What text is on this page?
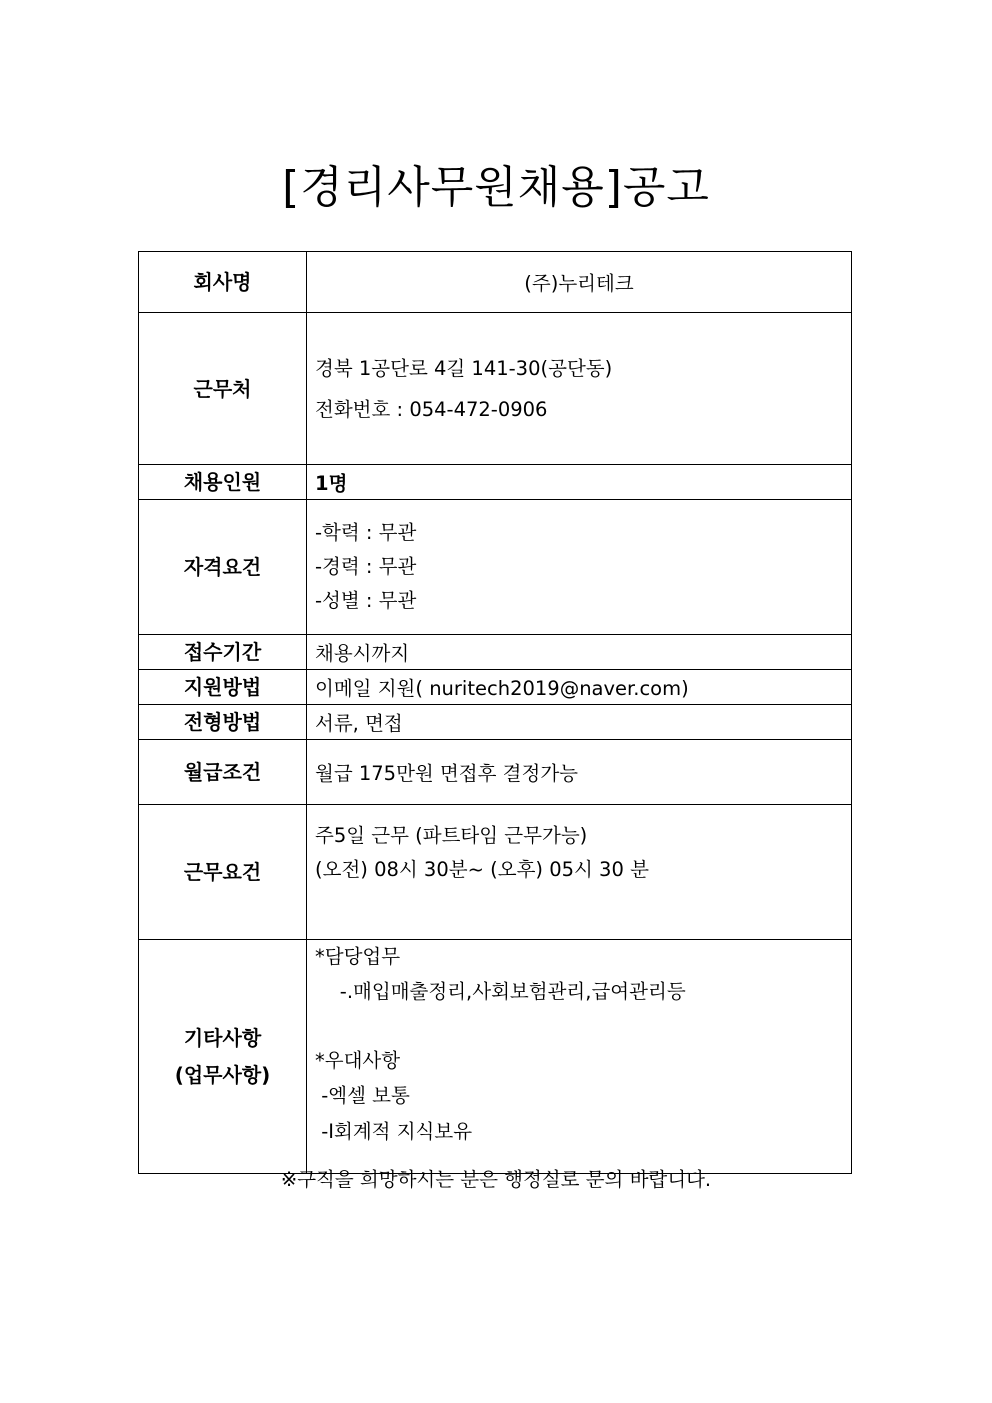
[경리사무원채용]공고
회사명	(주)누리테크
근무처	경북 1공단로 4길 141-30(공단동)
전화번호 : 054-472-0906

채용인원	1명
자격요건	-학력 : 무관
-경력 : 무관
-성별 : 무관

접수기간	채용시까지
지원방법	이메일 지원( nuritech2019@naver.com)
전형방법	서류, 면접
월급조건	월급 175만원 면접후 결정가능
근무요건	주5일 근무 (파트타임 근무가능)
(오전) 08시 30분~ (오후) 05시 30 분

기타사항
(업무사항)	*담당업무
-.매입매출정리,사회보험관리,급여관리등
*우대사항
-엑셀 보통
-I회계적 지식보유
※구직을 희망하시는 분은 행정실로 문의 바랍니다.
